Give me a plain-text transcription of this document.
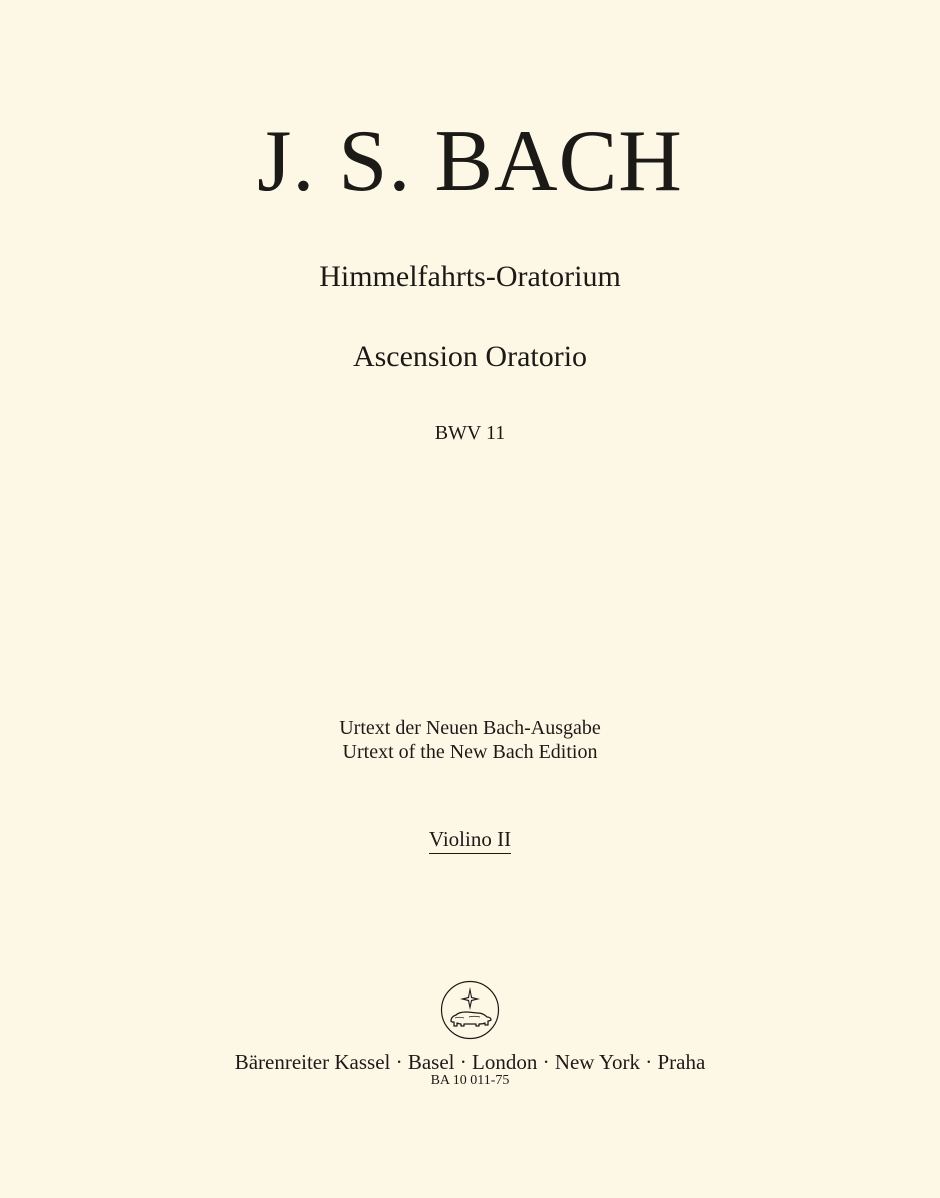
J. S. BACH
Himmelfahrts-Oratorium
Ascension Oratorio
BWV 11
Urtext der Neuen Bach-Ausgabe
Urtext of the New Bach Edition
Violino II
Bärenreiter Kassel · Basel · London · New York · Praha
BA 10 011-75
